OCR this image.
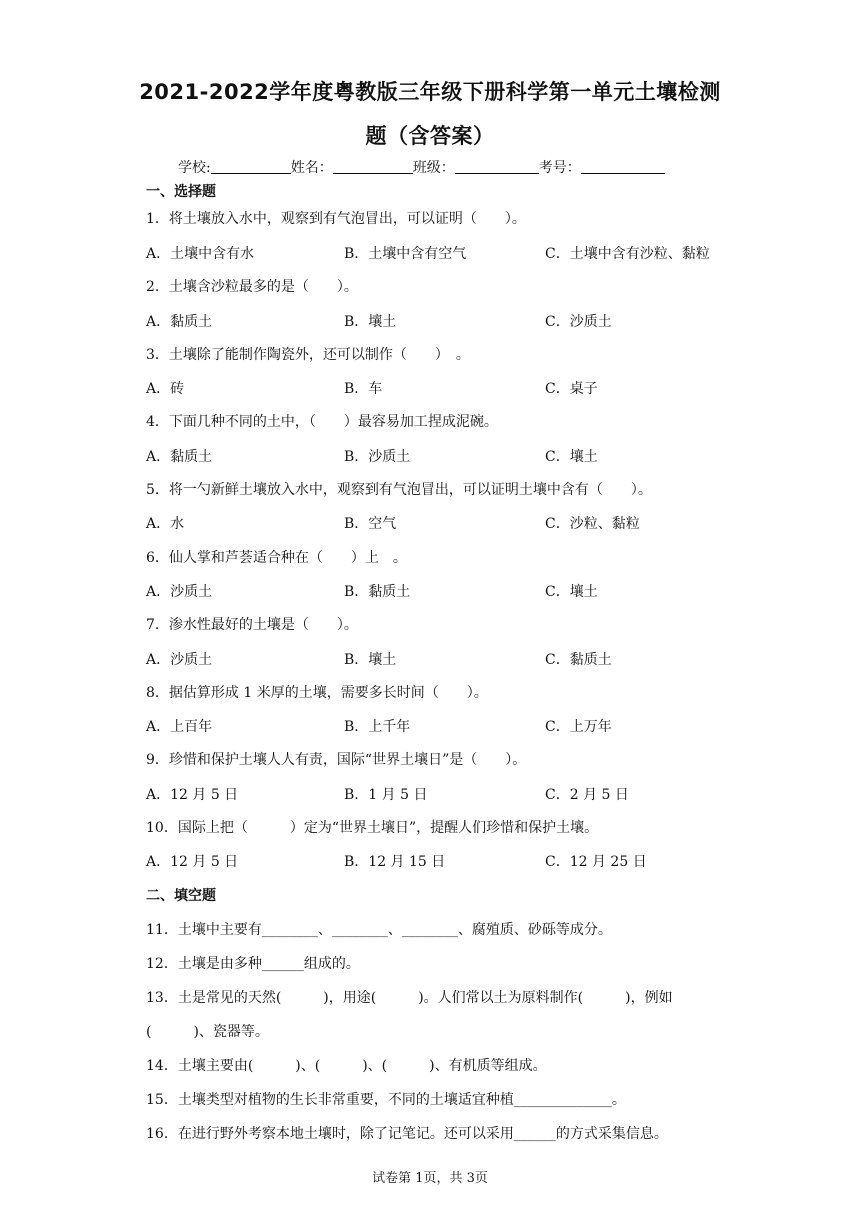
2021-2022学年度粤教版三年级下册科学第一单元土壤检测
题（含答案）
学校:	姓名：	班级：	考号：
一、选择题
1．将土壤放入水中，观察到有气泡冒出，可以证明（　　）。
A．土壤中含有水	B．土壤中含有空气	C．土壤中含有沙粒、黏粒
2．土壤含沙粒最多的是（　　）。
A．黏质土	B．壤土	C．沙质土
3．土壤除了能制作陶瓷外，还可以制作（　　）　。
A．砖	B．车	C．桌子
4．下面几种不同的土中，（　　）最容易加工捏成泥碗。
A．黏质土	B．沙质土	C．壤土
5．将一勺新鲜土壤放入水中，观察到有气泡冒出，可以证明土壤中含有（　　）。
A．水	B．空气	C．沙粒、黏粒
6．仙人掌和芦荟适合种在（　　）上　。
A．沙质土	B．黏质土	C．壤土
7．渗水性最好的土壤是（　　）。
A．沙质土	B．壤土	C．黏质土
8．据估算形成 1 米厚的土壤，需要多长时间（　　）。
A．上百年	B．上千年	C．上万年
9．珍惜和保护土壤人人有责，国际“世界土壤日”是（　　）。
A．12 月 5 日	B．1 月 5 日	C．2 月 5 日
10．国际上把（　　　）定为“世界土壤日”，提醒人们珍惜和保护土壤。
A．12 月 5 日	B．12 月 15 日	C．12 月 25 日
二、填空题
11．土壤中主要有________、________、________、腐殖质、砂砾等成分。
12．土壤是由多种______组成的。
13．土是常见的天然(　　　)，用途(　　　)。人们常以土为原料制作(　　　)，例如
(　　　)、瓷器等。
14．土壤主要由(　　　)、(　　　)、(　　　)、有机质等组成。
15．土壤类型对植物的生长非常重要，不同的土壤适宜种植______________。
16．在进行野外考察本地土壤时，除了记笔记。还可以采用______的方式采集信息。
试卷第 1页，共 3页
